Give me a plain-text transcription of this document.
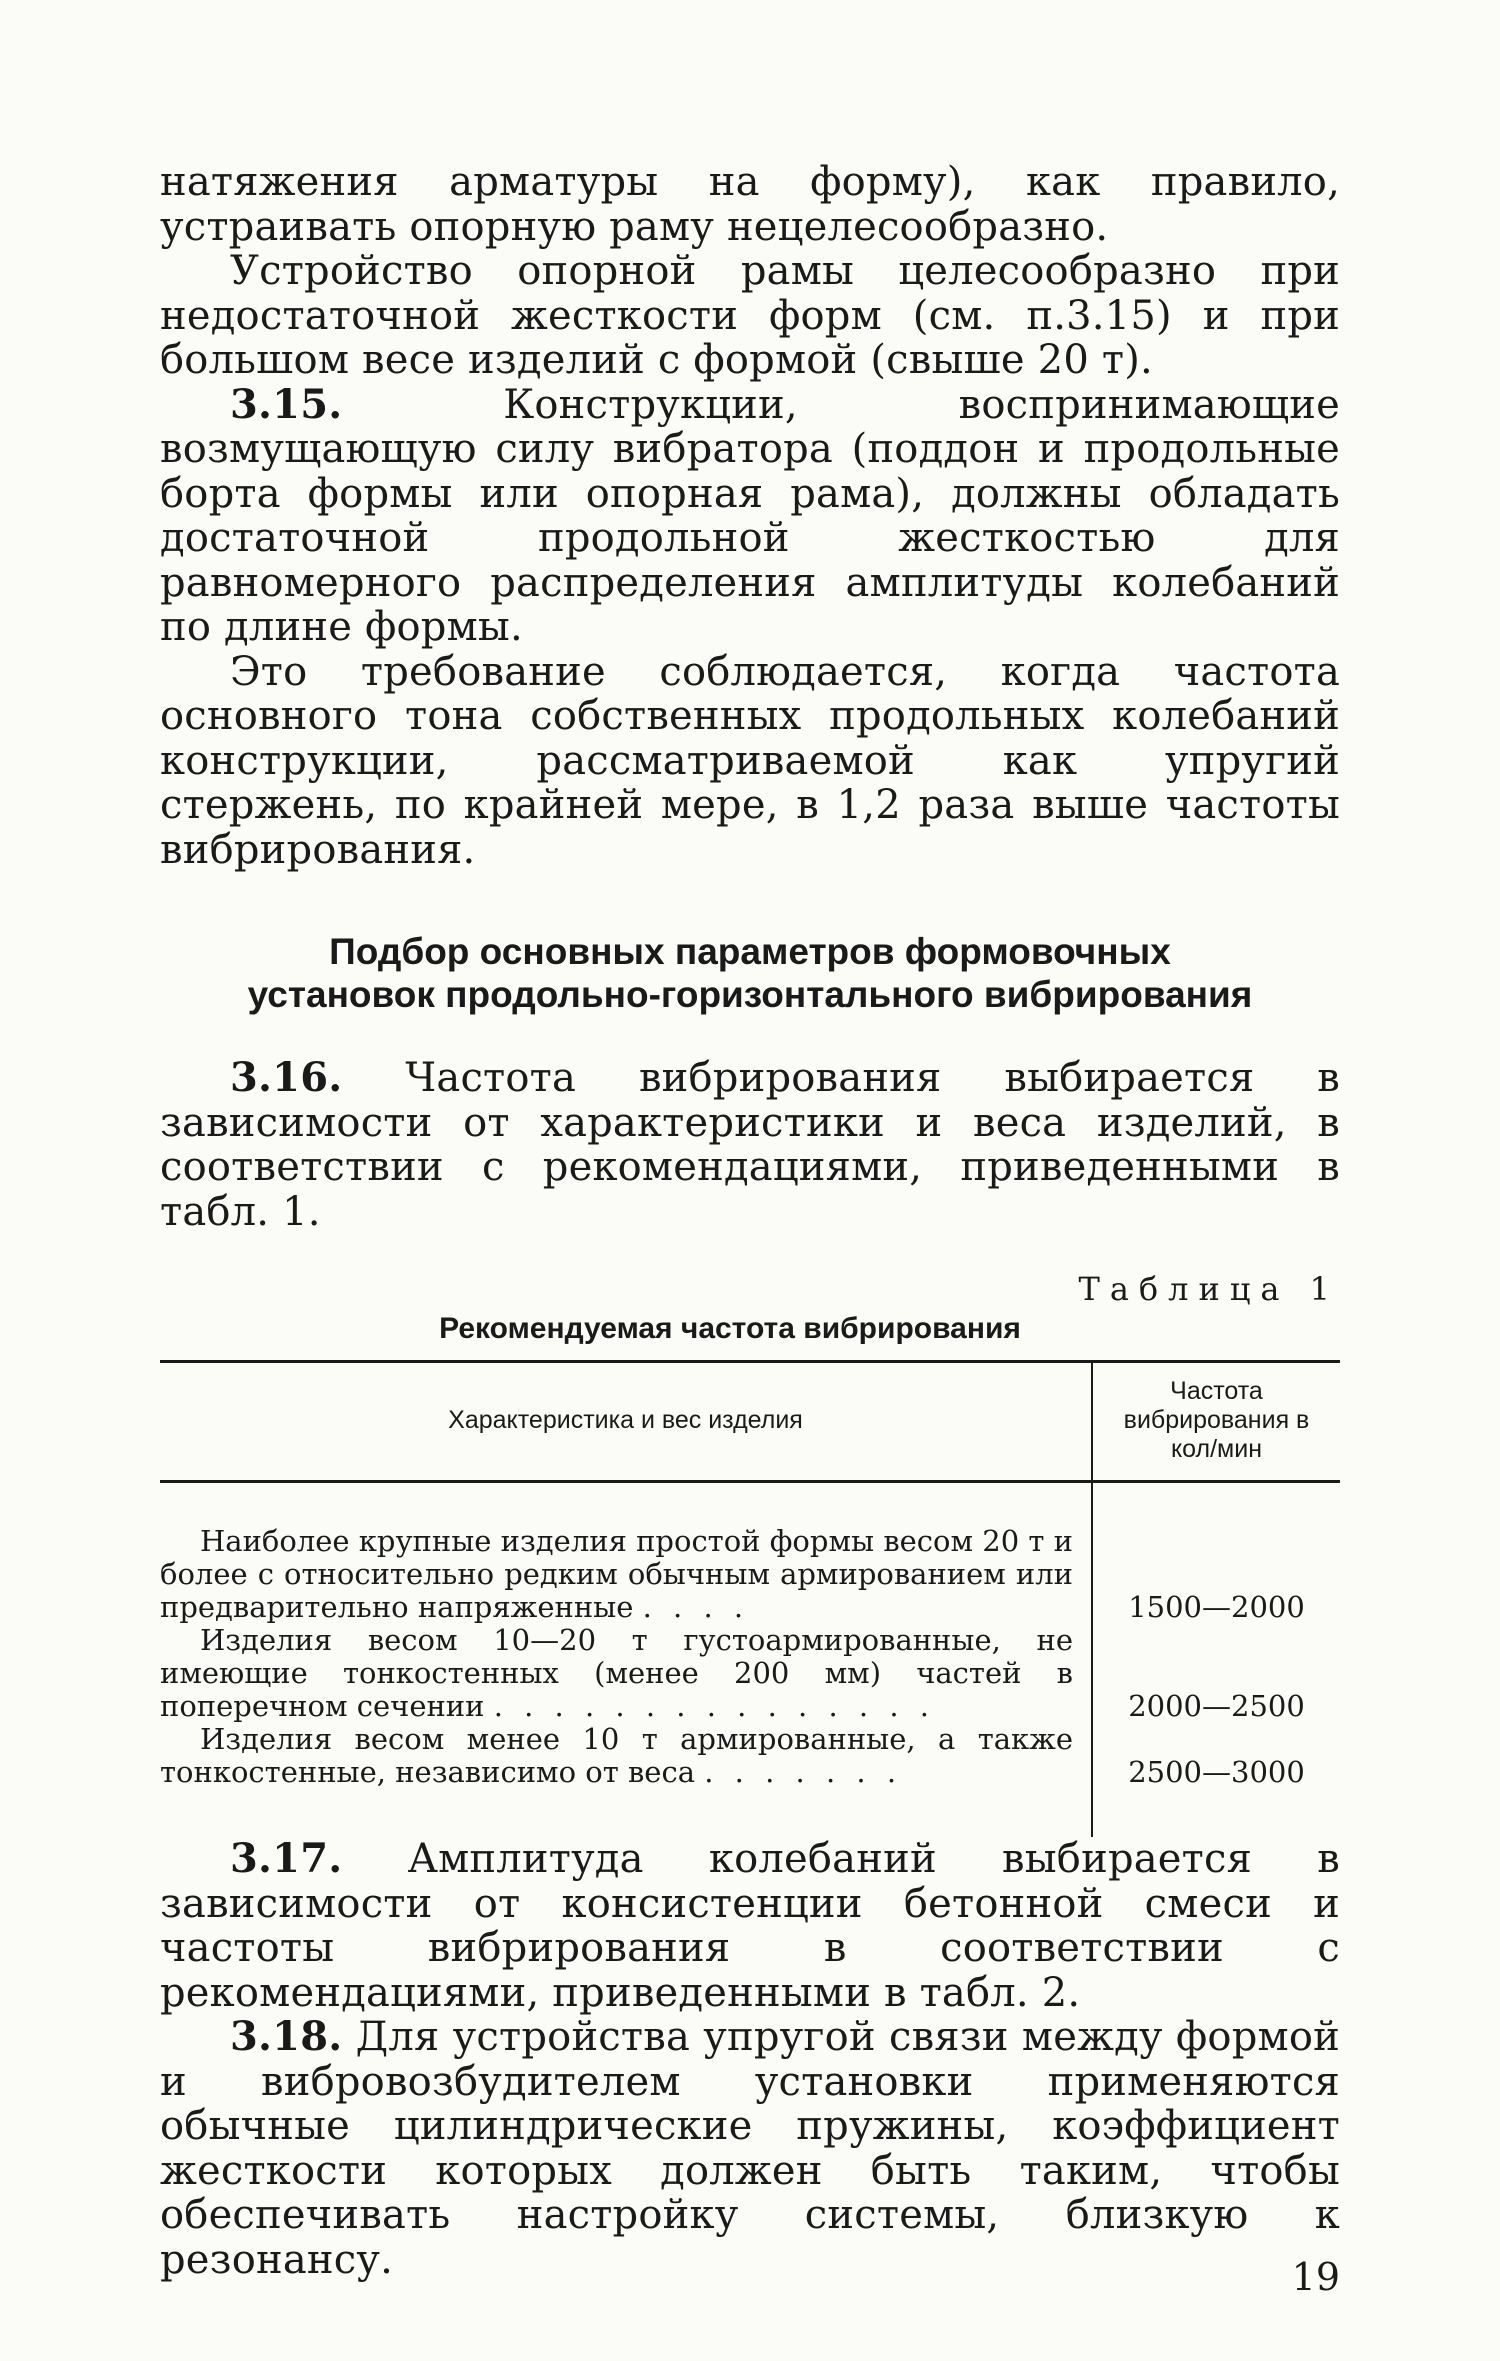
натяжения арматуры на форму), как правило, устраивать опорную раму нецелесообразно.

Устройство опорной рамы целесообразно при недостаточной жесткости форм (см. п.3.15) и при большом весе изделий с формой (свыше 20 т).

3.15.	Конструкции, воспринимающие возмущающую силу вибратора (поддон и продольные борта формы или опорная рама), должны обладать достаточной продольной жесткостью для равномерного распределения амплитуды колебаний по длине формы.

Это требование соблюдается, когда частота основного тона собственных продольных колебаний конструкции, рассматриваемой как упругий стержень, по крайней мере, в 1,2 раза выше частоты вибрирования.

Подбор основных параметров формовочных
установок продольно-горизонтального вибрирования

3.16. Частота вибрирования выбирается в зависимости от характеристики и веса изделий, в соответствии с рекомендациями, приведенными в табл. 1.

Таблица 1
Рекомендуемая частота вибрирования
Характеристика и вес изделия	Частота вибрирования в кол/мин

Наиболее крупные изделия простой формы весом 20 т и более с относительно редким обычным армированием или предварительно напряженные . . . .	1500—2000

Изделия весом 10—20 т густоармированные, не имеющие тонкостенных (менее 200 мм) частей в поперечном сечении . . . . . . . . . . . . . . .	2000—2500

Изделия весом менее 10 т армированные, а также тонкостенные, независимо от веса . . . . . . .	2500—3000

3.17. Амплитуда колебаний выбирается в зависимости от консистенции бетонной смеси и частоты вибрирования в соответствии с рекомендациями, приведенными в табл. 2.

3.18. Для устройства упругой связи между формой и вибровозбудителем установки применяются обычные цилиндрические пружины, коэффициент жесткости которых должен быть таким, чтобы обеспечивать настройку системы, близкую к резонансу.	19
